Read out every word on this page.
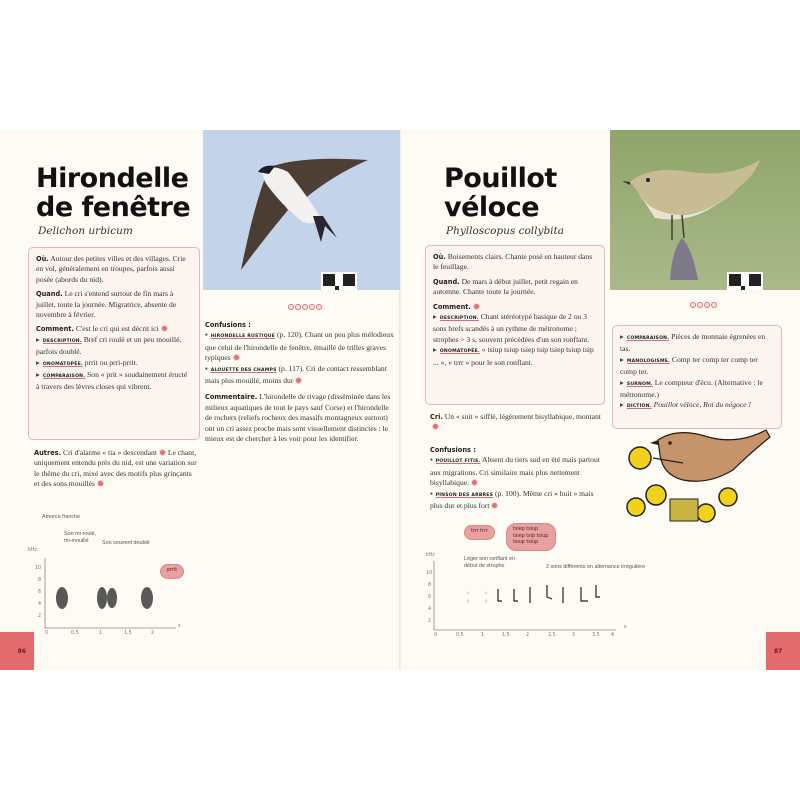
Hirondelle
de fenêtre
Delichon urbicum
Où. Autour des petites villes et des villages. Crie en vol, généralement en troupes, parfois aussi posée (abords du nid).
Quand. Le cri s'entend surtout de fin mars à juillet, toute la journée. Migratrice, absente de novembre à février.
Comment. C'est le cri qui est décrit ici
▸ DESCRIPTION. Bref cri roulé et un peu mouillé, parfois doublé.
▸ ONOMATOPÉE. prrit ou prri-prrit.
▸ COMPARAISON. Son « prit » soudainement éructé à travers des lèvres closes qui vibrent.
Autres. Cri d'alarme « tia » descendant Le chant, uniquement entendu près du nid, est une variation sur le thème du cri, mixé avec des motifs plus grinçants et des sons mouillés
Confusions :
▪ HIRONDELLE RUSTIQUE (p. 120). Chant un peu plus mélodieux que celui de l'hirondelle de fenêtre, émaillé de trilles graves typiques
▪ ALOUETTE DES CHAMPS (p. 117). Cri de contact ressemblant mais plus mouillé, moins dur
Commentaire. L'hirondelle de rivage (disséminée dans les milieux aquatiques de tout le pays sauf Corse) et l'hirondelle de rochers (reliefs rocheux des massifs montagneux surtout) ont un cri assez proche mais sont visuellement distinctes : le mieux est de chercher à les voir pour les identifier.
Amorce franche
Son mi-roulé, mi-mouillé	Son souvent doublé
kHz
prrit
10
8
6
4
2
0	0,5	1	1,5	2
s
86
Pouillot
véloce
Phylloscopus collybita
Où. Boisements clairs. Chante posé en hauteur dans le feuillage.
Quand. De mars à début juillet, petit regain en automne. Chante toute la journée.
Comment.
▸ DESCRIPTION. Chant stéréotypé basique de 2 ou 3 sons brefs scandés à un rythme de métronome ; strophes > 3 s, souvent précédées d'un son ronflant.
▸ ONOMATOPÉE. « tsiup tsiup tsiep tsip tsiep tsiup tsip ... », « trrr » pour le son ronflant.
▸ COMPARAISON. Pièces de monnaie égrenées en tas.
▸ MANOLOGISME. Comp ter comp ter comp ter comp ter.
▸ SURNOM. Le compteur d'écu. (Alternative : le métronome.)
▸ DICTION. Pouillot véloce, Roi du négoce !
Cri. Un « suit » sifflé, légèrement bisyllabique, montant
Confusions :
▪ POUILLOT FITIS. Absent du tiers sud en été mais partout aux migrations. Cri similaire mais plus nettement bisyllabique.
▪ PINSON DES ARBRES (p. 100). Même cri « huit » mais plus dur et plus fort
trrr trrr	tsiep tsiup tsiep tsip tsiup tsiup tsiup
kHz
Léger son ronflant en début de strophe	2 sons différents en alternance irrégulière
10
8
6
4
2
0	0,5	1	1,5	2	2,5	3	3,5 4
s
87
